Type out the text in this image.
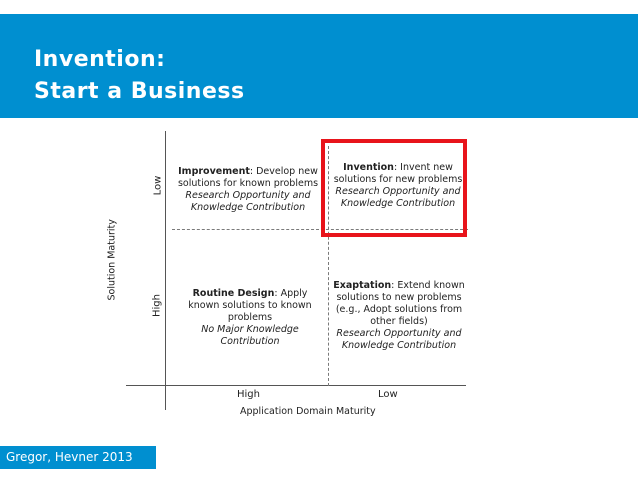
Invention:
Start a Business
Solution Maturity
Low
High
High	Low
Application Domain Maturity
Improvement: Develop new solutions for known problems
Research Opportunity and Knowledge Contribution
Invention: Invent new solutions for new problems
Research Opportunity and Knowledge Contribution
Routine Design: Apply known solutions to known problems
No Major Knowledge Contribution
Exaptation: Extend known solutions to new problems (e.g., Adopt solutions from other fields)
Research Opportunity and Knowledge Contribution
Gregor, Hevner 2013
